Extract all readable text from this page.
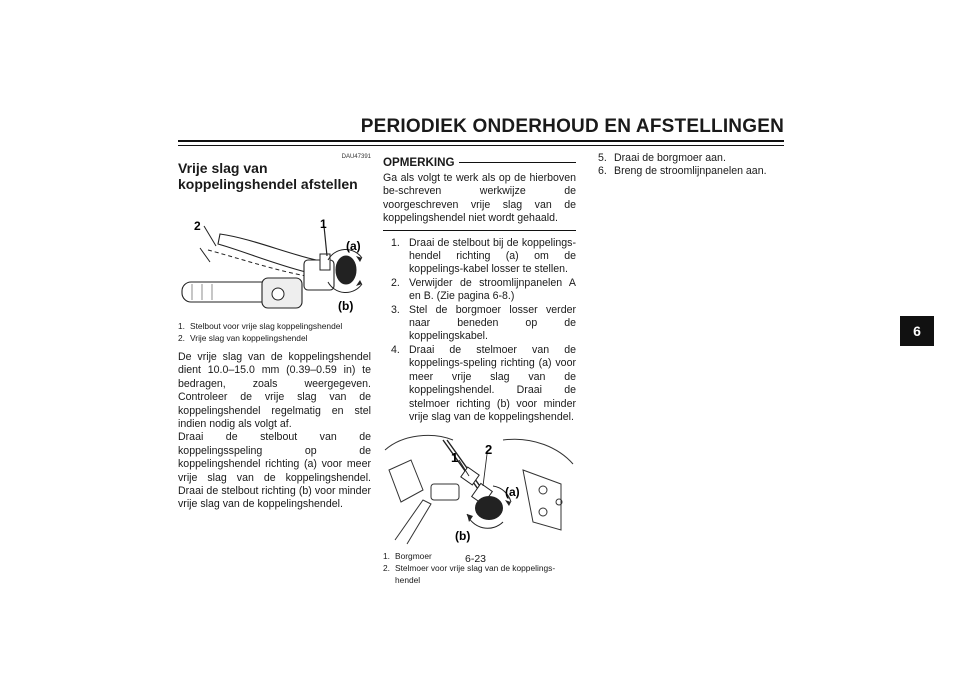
PERIODIEK ONDERHOUD EN AFSTELLINGEN
6
DAU47391
Vrije slag van koppelingshendel afstellen
2	1
(a)
(b)
1. Stelbout voor vrije slag koppelingshendel
2. Vrije slag van koppelingshendel

De vrije slag van de koppelingshendel dient 10.0–15.0 mm (0.39–0.59 in) te bedragen, zoals weergegeven. Controleer de vrije slag van de koppelingshendel regelmatig en stel indien nodig als volgt af.

Draai de stelbout van de koppelingsspeling op de koppelingshendel richting (a) voor meer vrije slag van de koppelingshendel. Draai de stelbout richting (b) voor minder vrije slag van de koppelingshendel.

OPMERKING

Ga als volgt te werk als op de hierboven be-schreven werkwijze de voorgeschreven vrije slag van de koppelingshendel niet wordt gehaald.

1. Draai de stelbout bij de koppelings-hendel richting (a) om de koppelings-kabel losser te stellen.
2. Verwijder de stroomlijnpanelen A en B. (Zie pagina 6-8.)
3. Stel de borgmoer losser verder naar beneden op de koppelingskabel.
4. Draai de stelmoer van de koppelings-speling richting (a) voor meer vrije slag van de koppelingshendel. Draai de stelmoer richting (b) voor minder vrije slag van de koppelingshendel.
1
2
(a)
(b)
1. Borgmoer
2. Stelmoer voor vrije slag van de koppelings-hendel
5. Draai de borgmoer aan.
6. Breng de stroomlijnpanelen aan.
6-23
